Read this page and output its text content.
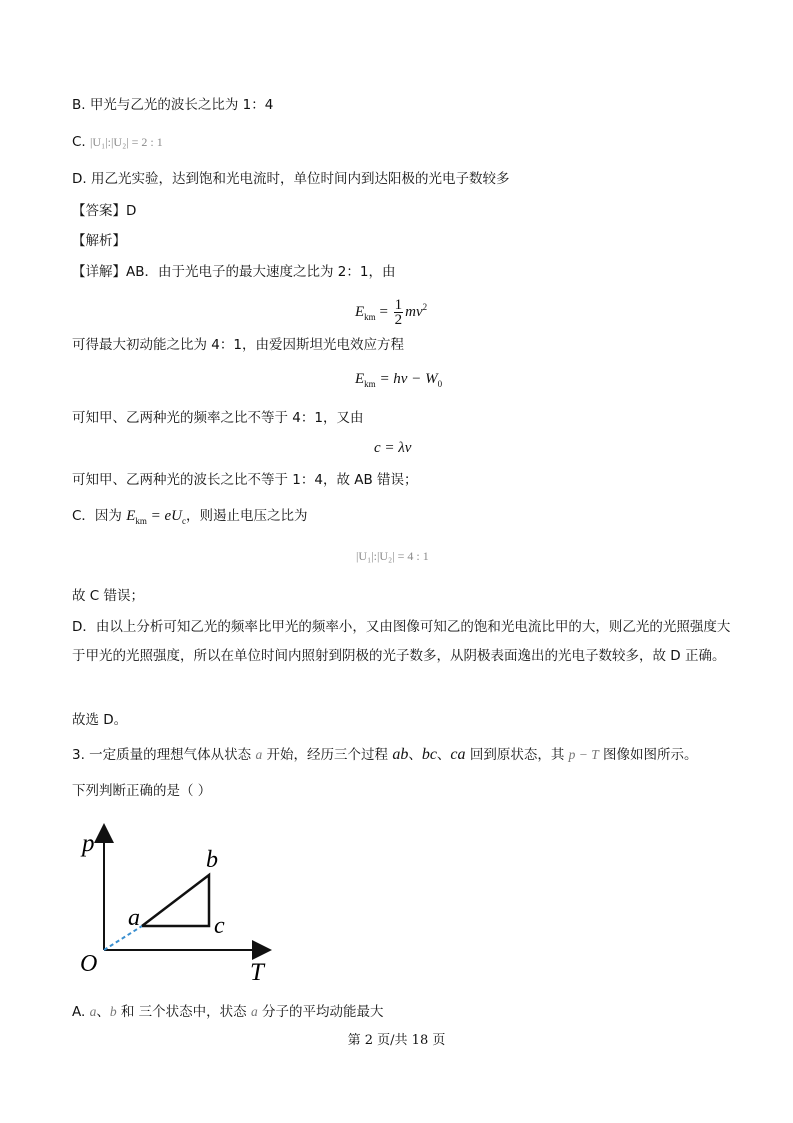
B. 甲光与乙光的波长之比为 1：4
C. |U₁|:|U₂| = 2 : 1
D. 用乙光实验，达到饱和光电流时，单位时间内到达阳极的光电子数较多
【答案】D
【解析】
【详解】AB．由于光电子的最大速度之比为 2：1，由
$E_{km} = \frac{1}{2} mv^2$
可得最大初动能之比为 4：1，由爱因斯坦光电效应方程
$E_{km} = h\nu - W_0$
可知甲、乙两种光的频率之比不等于 4：1，又由
c = λν
可知甲、乙两种光的波长之比不等于 1：4，故 AB 错误；
C．因为 $E_{km} = eU_c$，则遏止电压之比为
|U₁|:|U₂| = 4 : 1
故 C 错误；
D．由以上分析可知乙光的频率比甲光的频率小，又由图像可知乙的饱和光电流比甲的大，则乙光的光照强度大于甲光的光照强度，所以在单位时间内照射到阴极的光子数多，从阴极表面逸出的光电子数较多，故 D 正确。
故选 D。
3. 一定质量的理想气体从状态 a 开始，经历三个过程 ab、bc、ca 回到原状态，其 p − T 图像如图所示。
下列判断正确的是（ ）
p
T
O
a
b
c
A. a、b 和 三个状态中，状态 a 分子的平均动能最大
第 2 页/共 18 页
